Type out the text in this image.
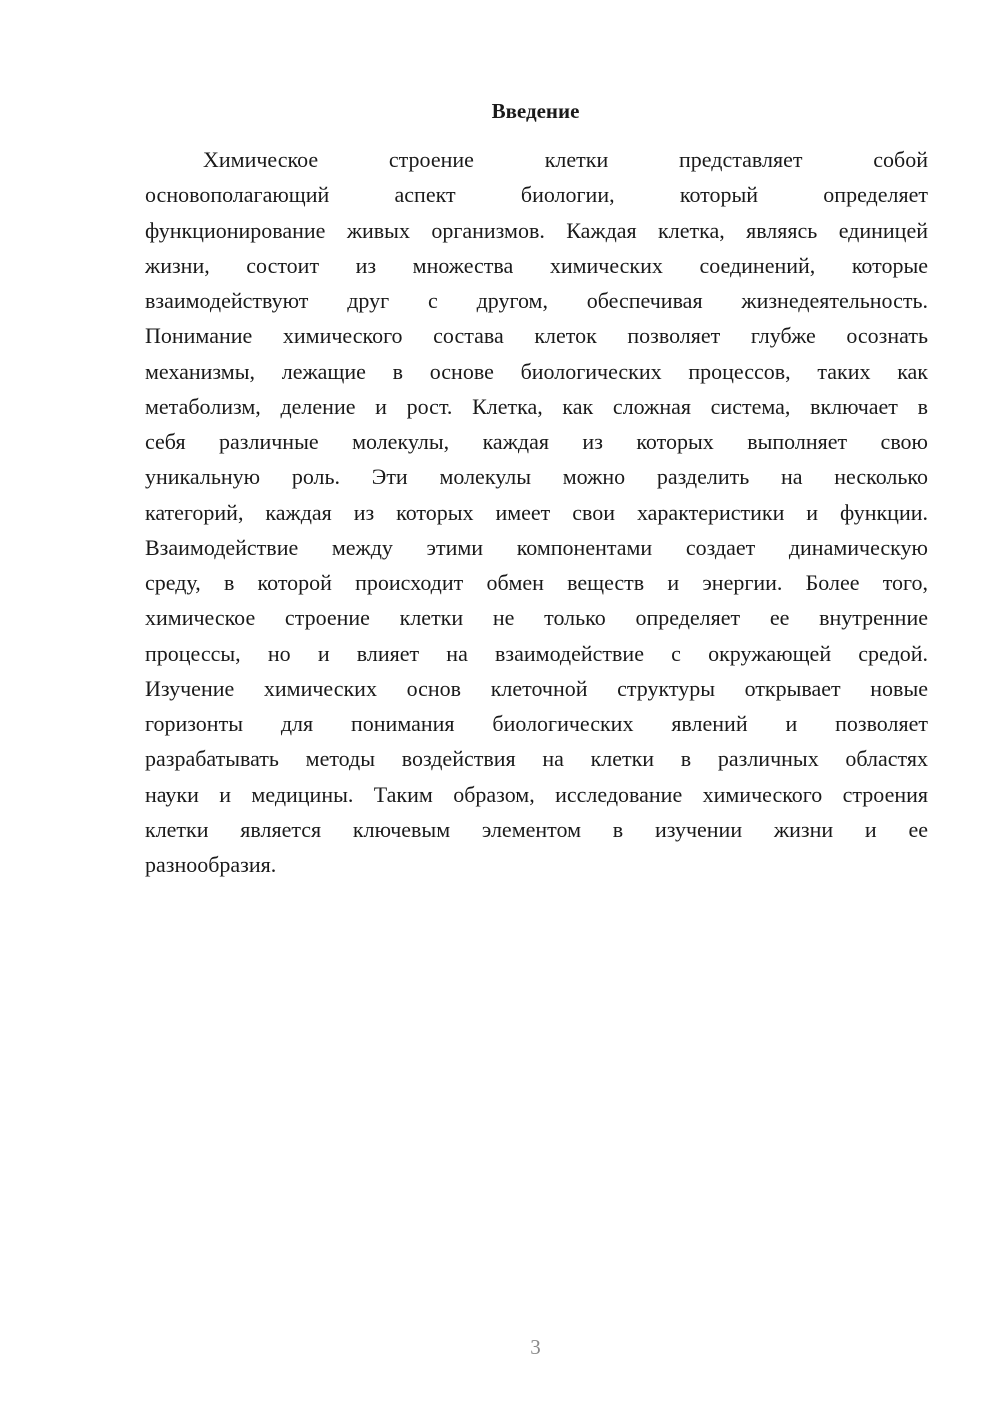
Введение
Химическое строение клетки представляет собой
основополагающий аспект биологии, который определяет
функционирование живых организмов. Каждая клетка, являясь единицей
жизни, состоит из множества химических соединений, которые
взаимодействуют друг с другом, обеспечивая жизнедеятельность.
Понимание химического состава клеток позволяет глубже осознать
механизмы, лежащие в основе биологических процессов, таких как
метаболизм, деление и рост. Клетка, как сложная система, включает в
себя различные молекулы, каждая из которых выполняет свою
уникальную роль. Эти молекулы можно разделить на несколько
категорий, каждая из которых имеет свои характеристики и функции.
Взаимодействие между этими компонентами создает динамическую
среду, в которой происходит обмен веществ и энергии. Более того,
химическое строение клетки не только определяет ее внутренние
процессы, но и влияет на взаимодействие с окружающей средой.
Изучение химических основ клеточной структуры открывает новые
горизонты для понимания биологических явлений и позволяет
разрабатывать методы воздействия на клетки в различных областях
науки и медицины. Таким образом, исследование химического строения
клетки является ключевым элементом в изучении жизни и ее
разнообразия.
3
